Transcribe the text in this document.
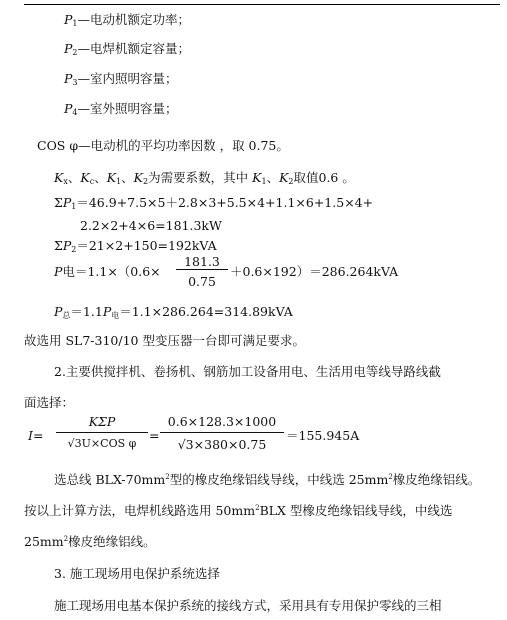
$P_1—$电动机额定功率；
$P_2—$电焊机额定容量；
$P_3—$室内照明容量；
$P_4—$室外照明容量；
COS φ—电动机的平均功率因数 ，取 0.75。
$K_x$、$K_c$、$K_1$、$K_2$为需要系数，其中 $K_1$、$K_2$取值0.6 。
$\Sigma P_1=46.9+7.5\times 5+2.8\times 3+5.5\times 4+1.1\times 6+1.5\times 4+$
2.2×2+4×6=181.3kW
$\Sigma P_2=21\times 2+150=192kVA$
P电＝1.1×（0.6×
181.3
0.75
＋0.6×192）＝286.264kVA
$P_总=1.1P_电=1.1\times 286.264=314.89kVA$
故选用 SL7-310/10 型变压器一台即可满足要求。
2.主要供搅拌机、卷扬机、钢筋加工设备用电、生活用电等线导路线截
面选择：
I=
KΣP
√3U×COS φ
=
0.6×128.3×1000
√3×380×0.75
＝155.945A
选总线 BLX-$70mm^2$型的橡皮绝缘铝线导线，中线选 $25mm^2$橡皮绝缘铝线。
按以上计算方法，电焊机线路选用 $50mm^2BLX$ 型橡皮绝缘铝线导线，中线选
$25mm^2$橡皮绝缘铝线。
3. 施工现场用电保护系统选择
施工现场用电基本保护系统的接线方式，采用具有专用保护零线的三相
